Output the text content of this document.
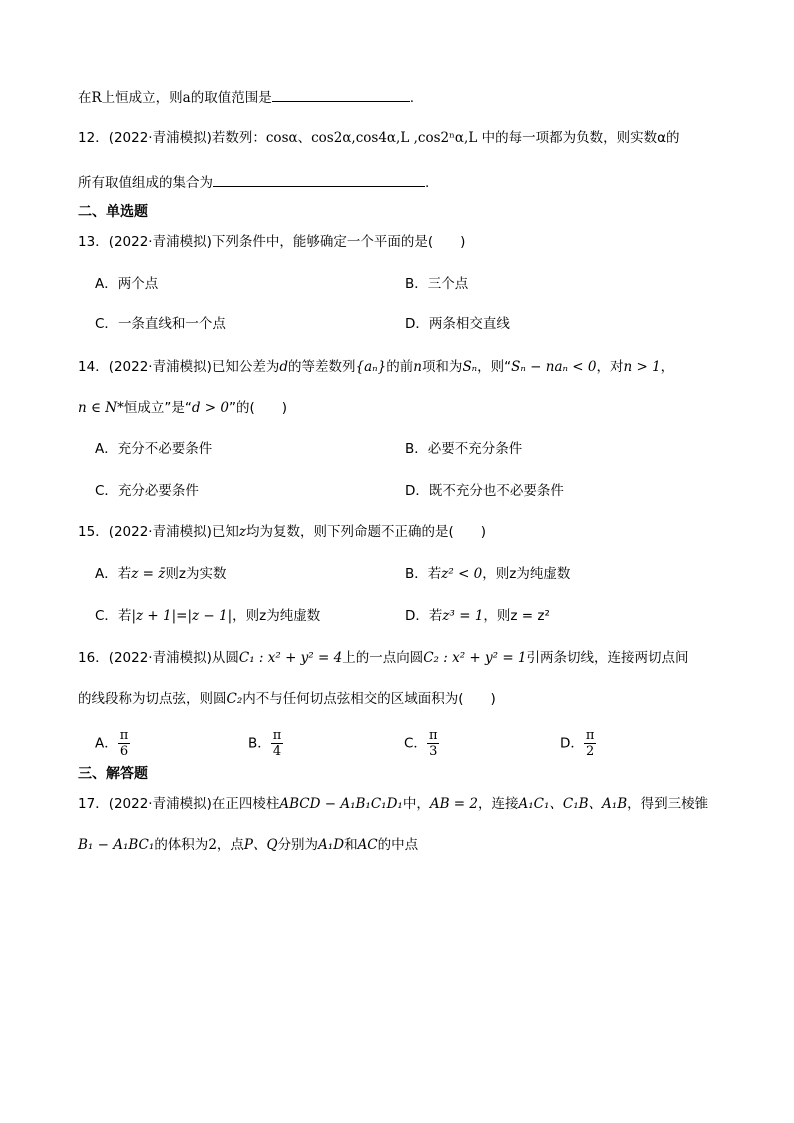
在R上恒成立，则a的取值范围是	.
12．(2022·青浦模拟)若数列：cosα、cos2α,cos4α,L ,cos2ⁿα,L 中的每一项都为负数，则实数α的
所有取值组成的集合为	.
二、单选题
13．(2022·青浦模拟)下列条件中，能够确定一个平面的是(　　)
A．两个点	B．三个点
C．一条直线和一个点	D．两条相交直线
14．(2022·青浦模拟)已知公差为d的等差数列{aₙ}的前n项和为Sₙ，则“Sₙ − naₙ < 0，对n > 1，
n ∈ N*恒成立”是“d > 0”的(　　)
A．充分不必要条件	B．必要不充分条件
C．充分必要条件	D．既不充分也不必要条件
15．(2022·青浦模拟)已知z均为复数，则下列命题不正确的是(　　)
A．若z = z̄则z为实数	B．若z² < 0，则z为纯虚数
C．若|z + 1|=|z − 1|，则z为纯虚数	D．若z³ = 1，则z = z²
16．(2022·青浦模拟)从圆C₁ : x² + y² = 4上的一点向圆C₂ : x² + y² = 1引两条切线，连接两切点间
的线段称为切点弦，则圆C₂内不与任何切点弦相交的区域面积为(　　)
A． $\frac{\pi}{6}$	B． $\frac{\pi}{4}$	C． $\frac{\pi}{3}$	D． $\frac{\pi}{2}$
三、解答题
17．(2022·青浦模拟)在正四棱柱ABCD − A₁B₁C₁D₁中，AB = 2，连接A₁C₁、C₁B、A₁B，得到三棱锥
B₁ − A₁BC₁的体积为2，点P、Q分别为A₁D和AC的中点
